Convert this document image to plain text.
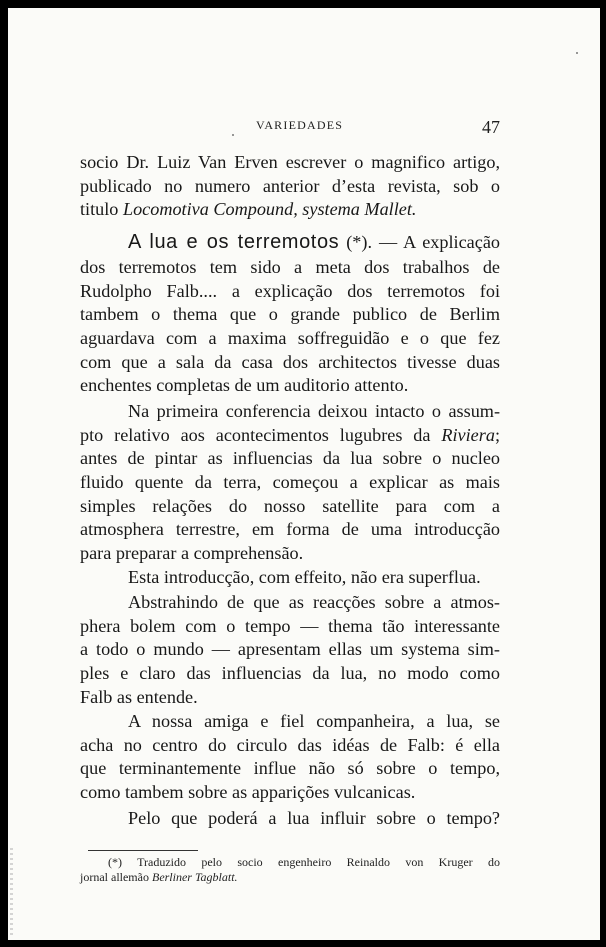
VARIEDADES	47
socio Dr. Luiz Van Erven escrever o magnifico artigo,
publicado no numero anterior d’esta revista, sob o
titulo Locomotiva Compound, systema Mallet.
A lua e os terremotos (*). — A explicação
dos terremotos tem sido a meta dos trabalhos de
Rudolpho Falb.... a explicação dos terremotos foi
tambem o thema que o grande publico de Berlim
aguardava com a maxima soffreguidão e o que fez
com que a sala da casa dos architectos tivesse duas
enchentes completas de um auditorio attento.
Na primeira conferencia deixou intacto o assum-
pto relativo aos acontecimentos lugubres da Riviera;
antes de pintar as influencias da lua sobre o nucleo
fluido quente da terra, começou a explicar as mais
simples relações do nosso satellite para com a
atmosphera terrestre, em forma de uma introducção
para preparar a comprehensão.
Esta introducção, com effeito, não era superflua.
Abstrahindo de que as reacções sobre a atmos-
phera bolem com o tempo — thema tão interessante
a todo o mundo — apresentam ellas um systema sim-
ples e claro das influencias da lua, no modo como
Falb as entende.
A nossa amiga e fiel companheira, a lua, se
acha no centro do circulo das idéas de Falb: é ella
que terminantemente influe não só sobre o tempo,
como tambem sobre as apparições vulcanicas.
Pelo que poderá a lua influir sobre o tempo?
(*) Traduzido pelo socio engenheiro Reinaldo von Kruger do
jornal allemão Berliner Tagblatt.
